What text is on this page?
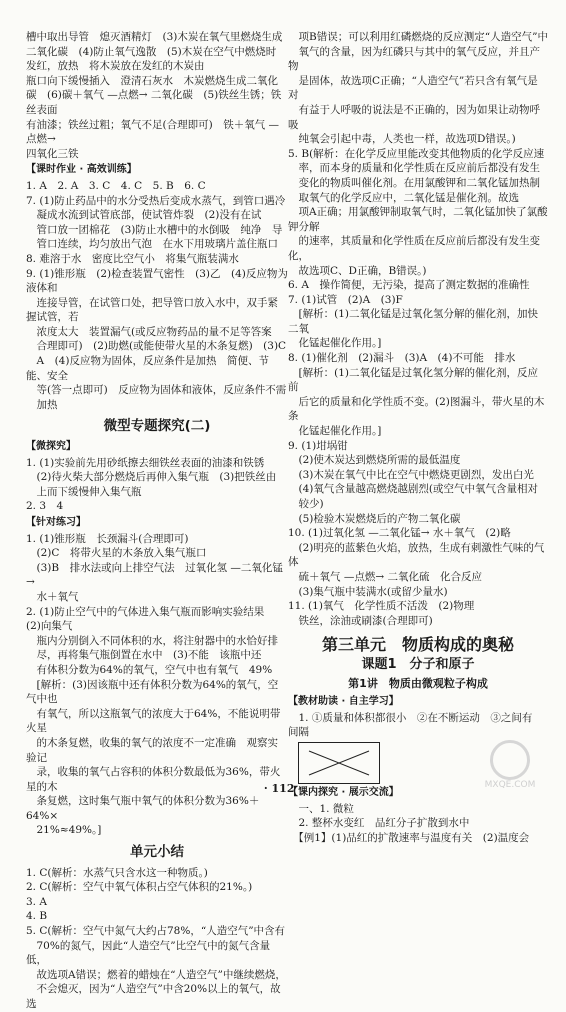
槽中取出导管　熄灭酒精灯　(3)木炭在氧气里燃烧生成
二氧化碳　(4)防止氧气逸散　(5)木炭在空气中燃烧时
发红，放热　将木炭放在发红的木炭由
瓶口向下缓慢插入　澄清石灰水　木炭燃烧生成二氧化
碳　(6)碳＋氧气 —点燃→ 二氧化碳　(5)铁丝生锈；铁丝表面
有油漆；铁丝过粗；氧气不足(合理即可)　铁＋氧气 —点燃→
四氧化三铁
【课时作业 · 高效训练】
1. A　2. A　3. C　4. C　5. B　6. C
7. (1)防止药品中的水分受热后变成水蒸气，到管口遇冷
　凝成水流到试管底部，使试管炸裂　(2)没有在试
　管口放一团棉花　(3)防止水槽中的水倒吸　纯净　导
　管口连续，均匀放出气泡　在水下用玻璃片盖住瓶口
8. 难溶于水　密度比空气小　将集气瓶装满水
9. (1)锥形瓶　(2)检查装置气密性　(3)乙　(4)反应物为液体和
　连接导管，在试管口处，把导管口放入水中，双手紧握试管，若
　浓度太大　装置漏气(或反应物药品的量不足等答案
　合理即可)　(2)助燃(或能使带火星的木条复燃)　(3)C
　A　(4)反应物为固体，反应条件是加热　简便、节能、安全
　等(答一点即可)　反应物为固体和液体，反应条件不需
　加热
微型专题探究(二)
【微探究】
1. (1)实验前先用砂纸擦去细铁丝表面的油漆和铁锈
　(2)待火柴大部分燃烧后再伸入集气瓶　(3)把铁丝由
　上而下缓慢伸入集气瓶
2. 3　4
【针对练习】
1. (1)锥形瓶　长颈漏斗(合理即可)
　(2)C　将带火星的木条放入集气瓶口
　(3)B　排水法或向上排空气法　过氧化氢 —二氧化锰→
　水＋氧气
2. (1)防止空气中的气体进入集气瓶而影响实验结果　(2)向集气
　瓶内分别倒入不同体积的水，将注射器中的水恰好排
　尽，再将集气瓶倒置在水中　(3)不能　该瓶中还
　有体积分数为64%的氧气，空气中也有氧气　49%
　[解析：(3)因该瓶中还有体积分数为64%的氧气，空气中也
　有氧气，所以这瓶氧气的浓度大于64%，不能说明带火星
　的木条复燃，收集的氧气的浓度不一定准确　观察实验记
　录，收集的氧气占容积的体积分数最低为36%，带火星的木
　条复燃，这时集气瓶中氧气的体积分数为36%＋64%×
　21%≈49%。]
单元小结
1. C(解析：水蒸气只含水这一种物质。)
2. C(解析：空气中氧气体积占空气体积的21%。)
3. A
4. B
5. C(解析：空气中氮气大约占78%，“人造空气”中含有
　70%的氮气，因此“人造空气”比空气中的氮气含量低，
　故选项A错误；燃着的蜡烛在“人造空气”中继续燃烧，
　不会熄灭，因为“人造空气”中含20%以上的氧气，故选
　项B错误；可以利用红磷燃烧的反应测定“人造空气”中
　氧气的含量，因为红磷只与其中的氧气反应，并且产物
　是固体，故选项C正确；“人造空气”若只含有氧气是对
　有益于人呼吸的说法是不正确的，因为如果让动物呼吸
　纯氧会引起中毒，人类也一样，故选项D错误。)
5. B(解析：在化学反应里能改变其他物质的化学反应速
　率，而本身的质量和化学性质在反应前后都没有发生
　变化的物质叫催化剂。在用氯酸钾和二氧化锰加热制
　取氧气的化学反应中，二氧化锰是催化剂。故选
　项A正确；用氯酸钾制取氧气时，二氧化锰加快了氯酸钾分解
　的速率，其质量和化学性质在反应前后都没有发生变化，
　故选项C、D正确，B错误。)
6. A　操作简便，无污染，提高了测定数据的准确性
7. (1)试管　(2)A　(3)F
　[解析：(1)二氧化锰是过氧化氢分解的催化剂，加快二氧
　化锰起催化作用。]
8. (1)催化剂　(2)漏斗　(3)A　(4)不可能　排水
　[解析：(1)二氧化锰是过氧化氢分解的催化剂，反应前
　后它的质量和化学性质不变。(2)图漏斗，带火星的木条
　化锰起催化作用。]
9. (1)坩埚钳
　(2)使木炭达到燃烧所需的最低温度
　(3)木炭在氧气中比在空气中燃烧更剧烈，发出白光
　(4)氧气含量越高燃烧越剧烈(或空气中氧气含量相对
　较少)
　(5)检验木炭燃烧后的产物二氧化碳
10. (1)过氧化氢 —二氧化锰→ 水＋氧气　(2)略
　(2)明亮的蓝紫色火焰，放热，生成有刺激性气味的气体
　硫＋氧气 —点燃→ 二氧化硫　化合反应
　(3)集气瓶中装满水(或留少量水)
11. (1)氧气　化学性质不活泼　(2)物理
　铁丝，涂油或刷漆(合理即可)
第三单元　物质构成的奥秘
课题1　分子和原子
第1讲　物质由微观粒子构成
【教材助读 · 自主学习】
　1. ①质量和体积都很小　②在不断运动　③之间有
间隔
【课内探究 · 展示交流】
　一、1. 微粒
　2. 整杯水变红　品红分子扩散到水中
　【例1】(1)品红的扩散速率与温度有关　(2)温度会
· 112 ·	MXQE.COM
